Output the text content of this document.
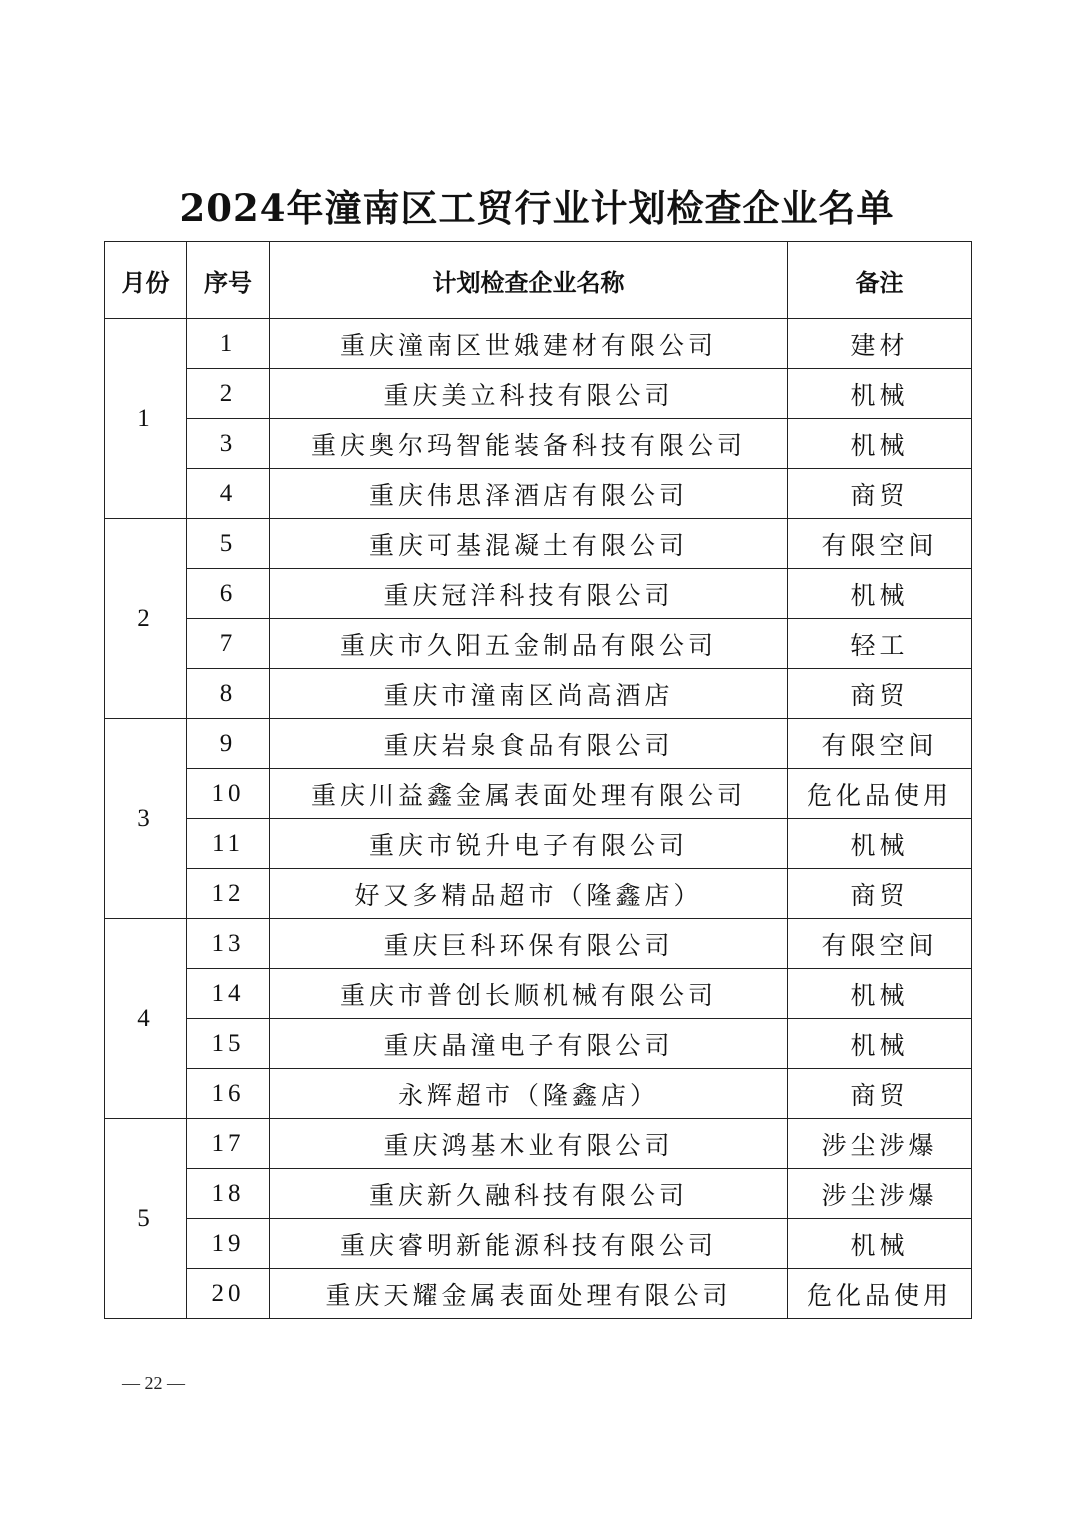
2024年潼南区工贸行业计划检查企业名单
月份	序号	计划检查企业名称	备注
1	1	重庆潼南区世娥建材有限公司	建材
	2	重庆美立科技有限公司	机械
	3	重庆奥尔玛智能装备科技有限公司	机械
	4	重庆伟思泽酒店有限公司	商贸
2	5	重庆可基混凝土有限公司	有限空间
	6	重庆冠洋科技有限公司	机械
	7	重庆市久阳五金制品有限公司	轻工
	8	重庆市潼南区尚高酒店	商贸
3	9	重庆岩泉食品有限公司	有限空间
	10	重庆川益鑫金属表面处理有限公司	危化品使用
	11	重庆市锐升电子有限公司	机械
	12	好又多精品超市（隆鑫店）	商贸
4	13	重庆巨科环保有限公司	有限空间
	14	重庆市普创长顺机械有限公司	机械
	15	重庆晶潼电子有限公司	机械
	16	永辉超市（隆鑫店）	商贸
5	17	重庆鸿基木业有限公司	涉尘涉爆
	18	重庆新久融科技有限公司	涉尘涉爆
	19	重庆睿明新能源科技有限公司	机械
	20	重庆天耀金属表面处理有限公司	危化品使用
— 22 —
